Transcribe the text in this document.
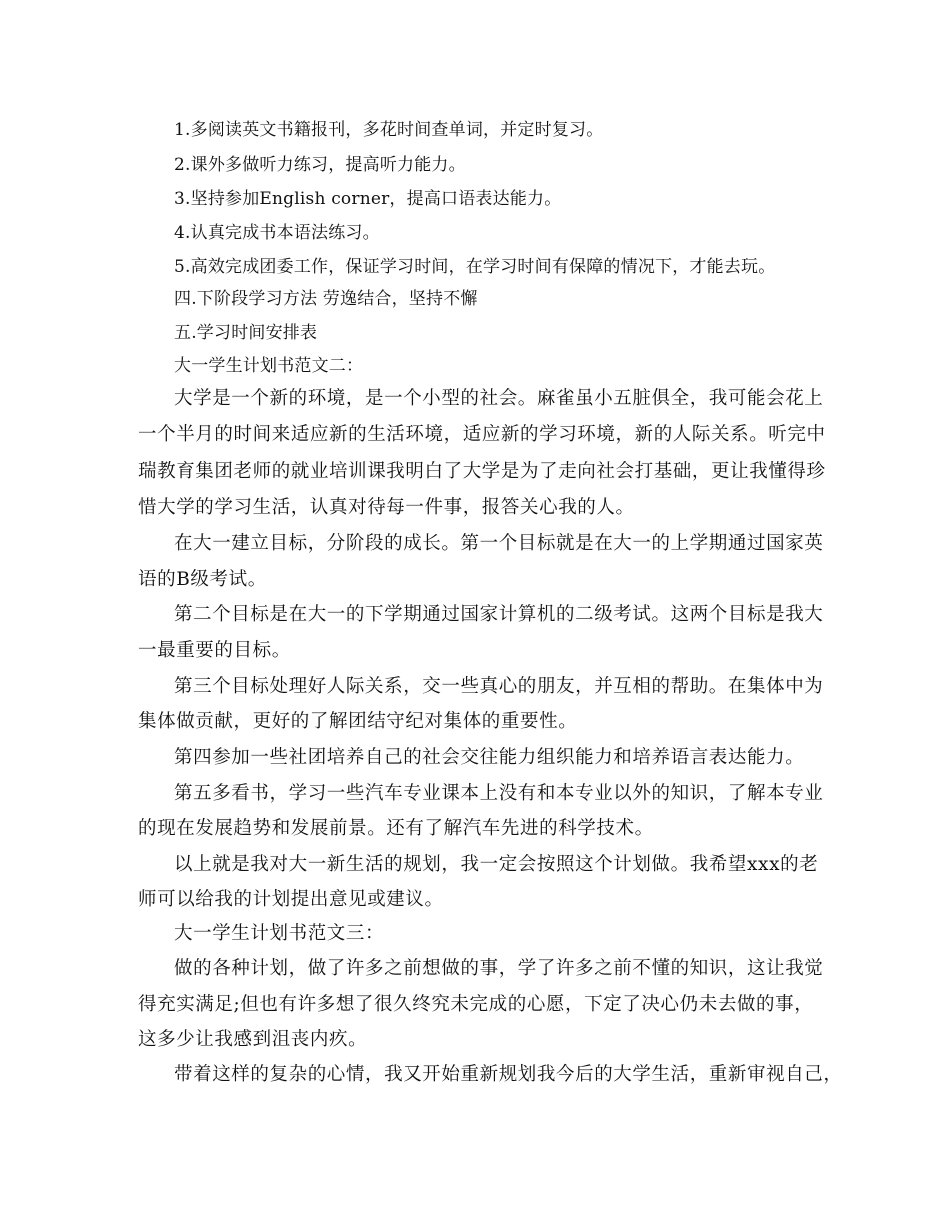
1.多阅读英文书籍报刊，多花时间查单词，并定时复习。
2.课外多做听力练习，提高听力能力。
3.坚持参加English corner，提高口语表达能力。
4.认真完成书本语法练习。
5.高效完成团委工作，保证学习时间，在学习时间有保障的情况下，才能去玩。
四.下阶段学习方法 劳逸结合，坚持不懈
五.学习时间安排表
大一学生计划书范文二：
大学是一个新的环境，是一个小型的社会。麻雀虽小五脏俱全，我可能会花上
一个半月的时间来适应新的生活环境，适应新的学习环境，新的人际关系。听完中
瑞教育集团老师的就业培训课我明白了大学是为了走向社会打基础，更让我懂得珍
惜大学的学习生活，认真对待每一件事，报答关心我的人。
在大一建立目标，分阶段的成长。第一个目标就是在大一的上学期通过国家英
语的B级考试。
第二个目标是在大一的下学期通过国家计算机的二级考试。这两个目标是我大
一最重要的目标。
第三个目标处理好人际关系，交一些真心的朋友，并互相的帮助。在集体中为
集体做贡献，更好的了解团结守纪对集体的重要性。
第四参加一些社团培养自己的社会交往能力组织能力和培养语言表达能力。
第五多看书，学习一些汽车专业课本上没有和本专业以外的知识，了解本专业
的现在发展趋势和发展前景。还有了解汽车先进的科学技术。
以上就是我对大一新生活的规划，我一定会按照这个计划做。我希望xxx的老
师可以给我的计划提出意见或建议。
大一学生计划书范文三：
做的各种计划，做了许多之前想做的事，学了许多之前不懂的知识，这让我觉
得充实满足;但也有许多想了很久终究未完成的心愿，下定了决心仍未去做的事，
这多少让我感到沮丧内疚。
带着这样的复杂的心情，我又开始重新规划我今后的大学生活，重新审视自己，
